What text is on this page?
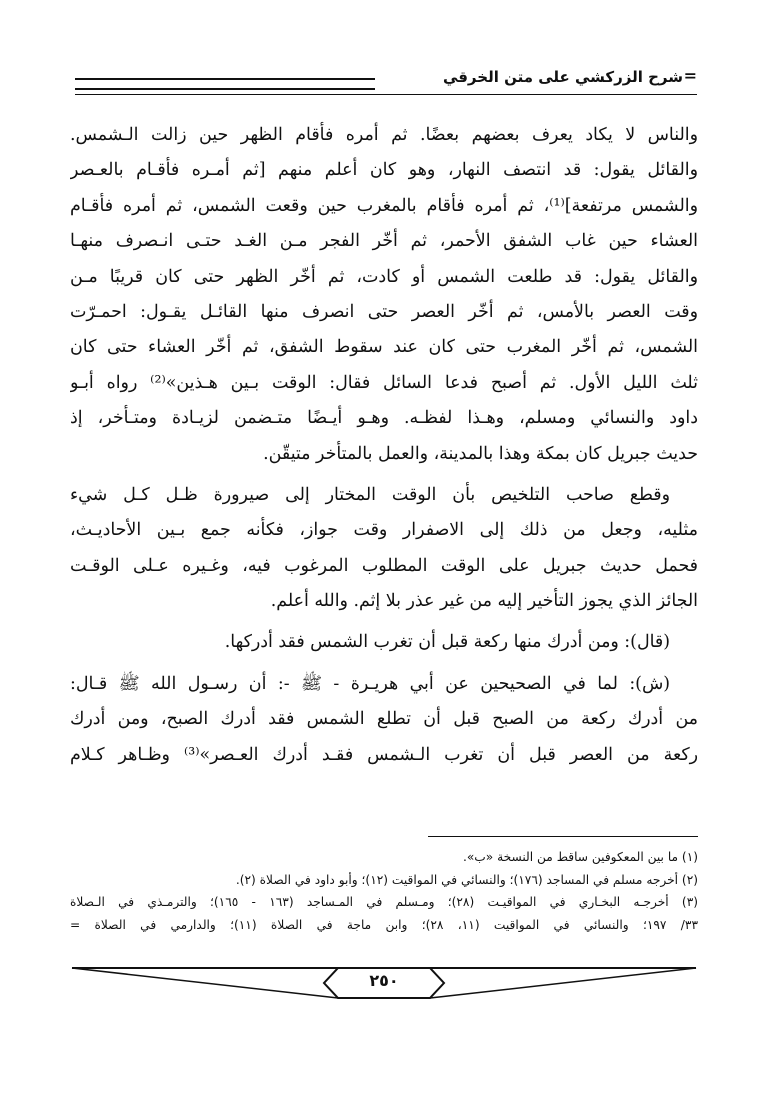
=
شرح الزركشي على متن الخرقي
والناس لا يكاد يعرف بعضهم بعضًا. ثم أمره فأقام الظهر حين زالت الـشمس.
والقائل يقول: قد انتصف النهار، وهو كان أعلم منهم [ثم أمـره فأقـام بالعـصر
والشمس مرتفعة]⁽¹⁾، ثم أمره فأقام بالمغرب حين وقعت الشمس، ثم أمره فأقـام
العشاء حين غاب الشفق الأحمر، ثم أخّر الفجر مـن الغـد حتـى انـصرف منهـا
والقائل يقول: قد طلعت الشمس أو كادت، ثم أخّر الظهر حتى كان قريبًا مـن
وقت العصر بالأمس، ثم أخّر العصر حتى انصرف منها القائـل يقـول: احمـرّت
الشمس، ثم أخّر المغرب حتى كان عند سقوط الشفق، ثم أخّر العشاء حتى كان
ثلث الليل الأول. ثم أصبح فدعا السائل فقال: الوقت بـين هـذين»⁽²⁾ رواه أبـو
داود والنسائي ومسلم، وهـذا لفظـه. وهـو أيـضًا متـضمن لزيـادة ومتـأخر، إذ
حديث جبريل كان بمكة وهذا بالمدينة، والعمل بالمتأخر متيقّن.
وقطع صاحب التلخيص بأن الوقت المختار إلى صيرورة ظـل كـل شيء
مثليه، وجعل من ذلك إلى الاصفرار وقت جواز، فكأنه جمع بـين الأحاديـث،
فحمل حديث جبريل على الوقت المطلوب المرغوب فيه، وغـيره عـلى الوقـت
الجائز الذي يجوز التأخير إليه من غير عذر بلا إثم. والله أعلم.
(قال): ومن أدرك منها ركعة قبل أن تغرب الشمس فقد أدركها.
(ش): لما في الصحيحين عن أبي هريـرة - ﷺ -: أن رسـول الله ﷺ قـال:
من أدرك ركعة من الصبح قبل أن تطلع الشمس فقد أدرك الصبح، ومن أدرك
ركعة من العصر قبل أن تغرب الـشمس فقـد أدرك العـصر»⁽³⁾ وظـاهر كـلام
(١) ما بين المعكوفين ساقط من النسخة «ب».
(٢) أخرجه مسلم في المساجد (١٧٦)؛ والنسائي في المواقيت (١٢)؛ وأبو داود في الصلاة (٢).
(٣) أخرجـه البخـاري في المواقيـت (٢٨)؛ ومـسلم في المـساجد (١٦٣ - ١٦٥)؛ والترمـذي في الـصلاة
٣٣/ ١٩٧؛ والنسائي في المواقيت (١١، ٢٨)؛ وابن ماجة في الصلاة (١١)؛ والدارمي في الصلاة =
٢٥٠
